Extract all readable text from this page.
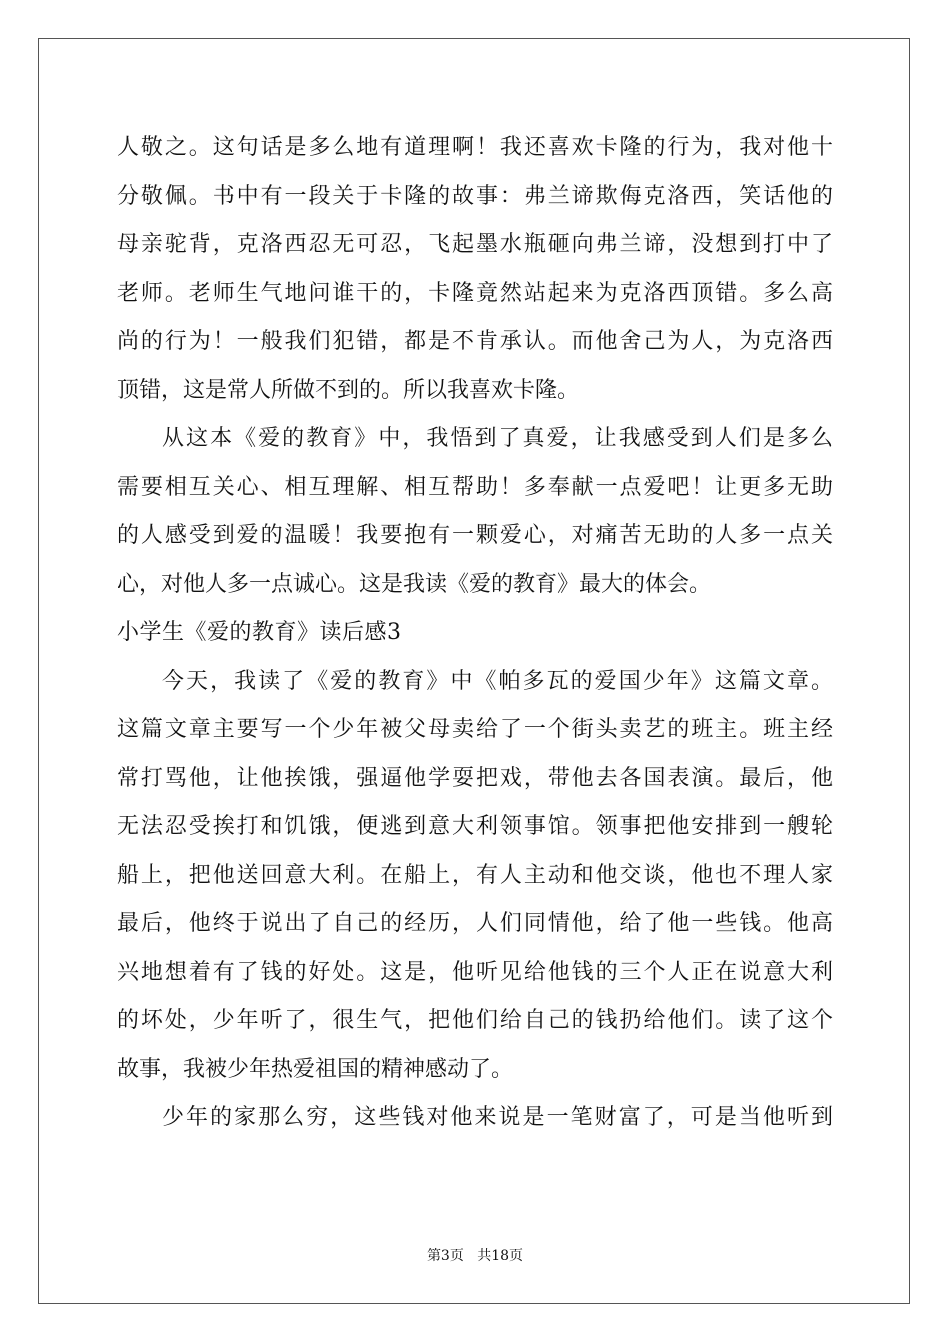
人敬之。这句话是多么地有道理啊！我还喜欢卡隆的行为，我对他十
分敬佩。书中有一段关于卡隆的故事：弗兰谛欺侮克洛西，笑话他的
母亲驼背，克洛西忍无可忍，飞起墨水瓶砸向弗兰谛，没想到打中了
老师。老师生气地问谁干的，卡隆竟然站起来为克洛西顶错。多么高
尚的行为！一般我们犯错，都是不肯承认。而他舍己为人，为克洛西
顶错，这是常人所做不到的。所以我喜欢卡隆。
从这本《爱的教育》中，我悟到了真爱，让我感受到人们是多么
需要相互关心、相互理解、相互帮助！多奉献一点爱吧！让更多无助
的人感受到爱的温暖！我要抱有一颗爱心，对痛苦无助的人多一点关
心，对他人多一点诚心。这是我读《爱的教育》最大的体会。
小学生《爱的教育》读后感3
今天，我读了《爱的教育》中《帕多瓦的爱国少年》这篇文章。
这篇文章主要写一个少年被父母卖给了一个街头卖艺的班主。班主经
常打骂他，让他挨饿，强逼他学耍把戏，带他去各国表演。最后，他
无法忍受挨打和饥饿，便逃到意大利领事馆。领事把他安排到一艘轮
船上，把他送回意大利。在船上，有人主动和他交谈，他也不理人家
最后，他终于说出了自己的经历，人们同情他，给了他一些钱。他高
兴地想着有了钱的好处。这是，他听见给他钱的三个人正在说意大利
的坏处，少年听了，很生气，把他们给自己的钱扔给他们。读了这个
故事，我被少年热爱祖国的精神感动了。
少年的家那么穷，这些钱对他来说是一笔财富了，可是当他听到
第3页 共18页
